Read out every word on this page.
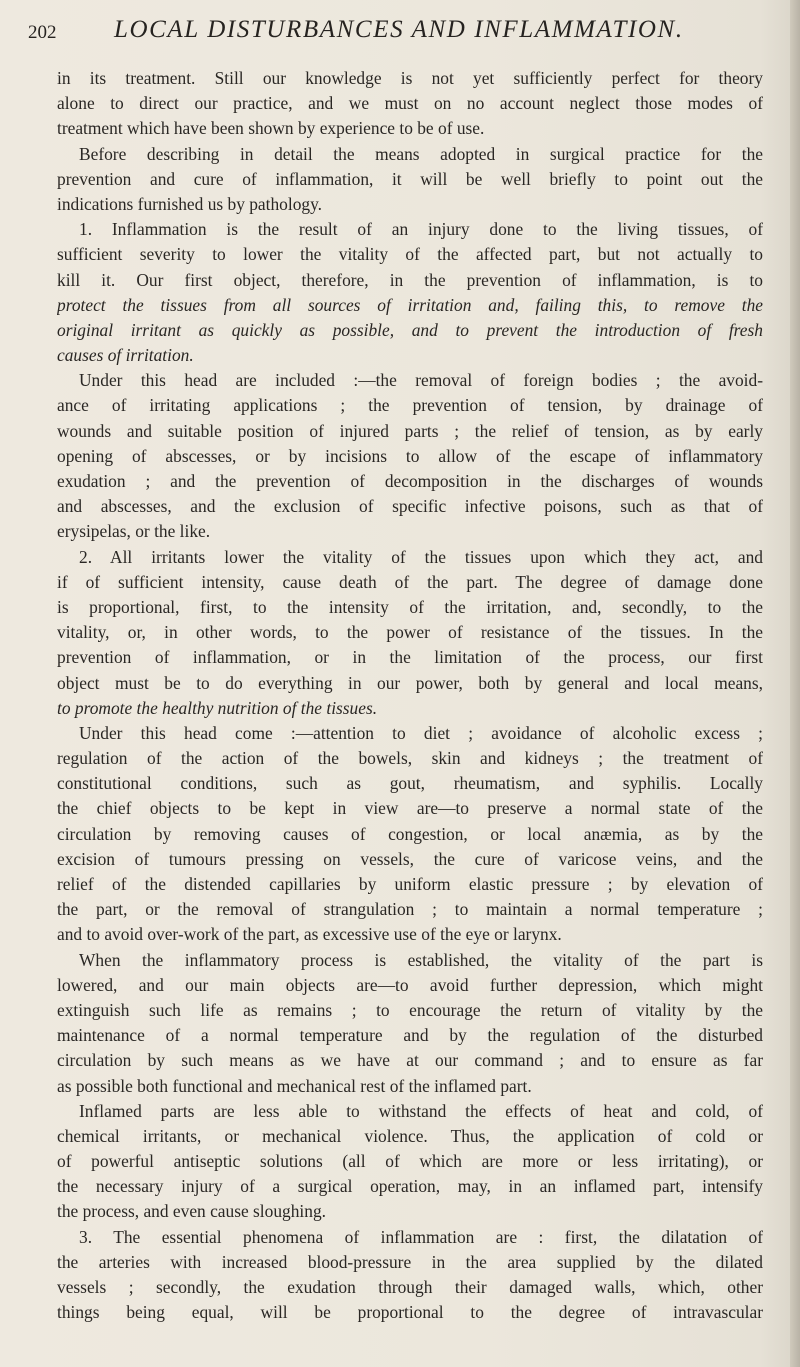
202 LOCAL DISTURBANCES AND INFLAMMATION.
in its treatment. Still our knowledge is not yet sufficiently perfect for theory
alone to direct our practice, and we must on no account neglect those modes of
treatment which have been shown by experience to be of use.
Before describing in detail the means adopted in surgical practice for the
prevention and cure of inflammation, it will be well briefly to point out the
indications furnished us by pathology.
1. Inflammation is the result of an injury done to the living tissues, of
sufficient severity to lower the vitality of the affected part, but not actually to
kill it. Our first object, therefore, in the prevention of inflammation, is to
protect the tissues from all sources of irritation and, failing this, to remove the
original irritant as quickly as possible, and to prevent the introduction of fresh
causes of irritation.
Under this head are included :—the removal of foreign bodies ; the avoid-
ance of irritating applications ; the prevention of tension, by drainage of
wounds and suitable position of injured parts ; the relief of tension, as by early
opening of abscesses, or by incisions to allow of the escape of inflammatory
exudation ; and the prevention of decomposition in the discharges of wounds
and abscesses, and the exclusion of specific infective poisons, such as that of
erysipelas, or the like.
2. All irritants lower the vitality of the tissues upon which they act, and
if of sufficient intensity, cause death of the part. The degree of damage done
is proportional, first, to the intensity of the irritation, and, secondly, to the
vitality, or, in other words, to the power of resistance of the tissues. In the
prevention of inflammation, or in the limitation of the process, our first
object must be to do everything in our power, both by general and local means,
to promote the healthy nutrition of the tissues.
Under this head come :—attention to diet ; avoidance of alcoholic excess ;
regulation of the action of the bowels, skin and kidneys ; the treatment of
constitutional conditions, such as gout, rheumatism, and syphilis. Locally
the chief objects to be kept in view are—to preserve a normal state of the
circulation by removing causes of congestion, or local anæmia, as by the
excision of tumours pressing on vessels, the cure of varicose veins, and the
relief of the distended capillaries by uniform elastic pressure ; by elevation of
the part, or the removal of strangulation ; to maintain a normal temperature ;
and to avoid over-work of the part, as excessive use of the eye or larynx.
When the inflammatory process is established, the vitality of the part is
lowered, and our main objects are—to avoid further depression, which might
extinguish such life as remains ; to encourage the return of vitality by the
maintenance of a normal temperature and by the regulation of the disturbed
circulation by such means as we have at our command ; and to ensure as far
as possible both functional and mechanical rest of the inflamed part.
Inflamed parts are less able to withstand the effects of heat and cold, of
chemical irritants, or mechanical violence. Thus, the application of cold or
of powerful antiseptic solutions (all of which are more or less irritating), or
the necessary injury of a surgical operation, may, in an inflamed part, intensify
the process, and even cause sloughing.
3. The essential phenomena of inflammation are : first, the dilatation of
the arteries with increased blood-pressure in the area supplied by the dilated
vessels ; secondly, the exudation through their damaged walls, which, other
things being equal, will be proportional to the degree of intravascular
